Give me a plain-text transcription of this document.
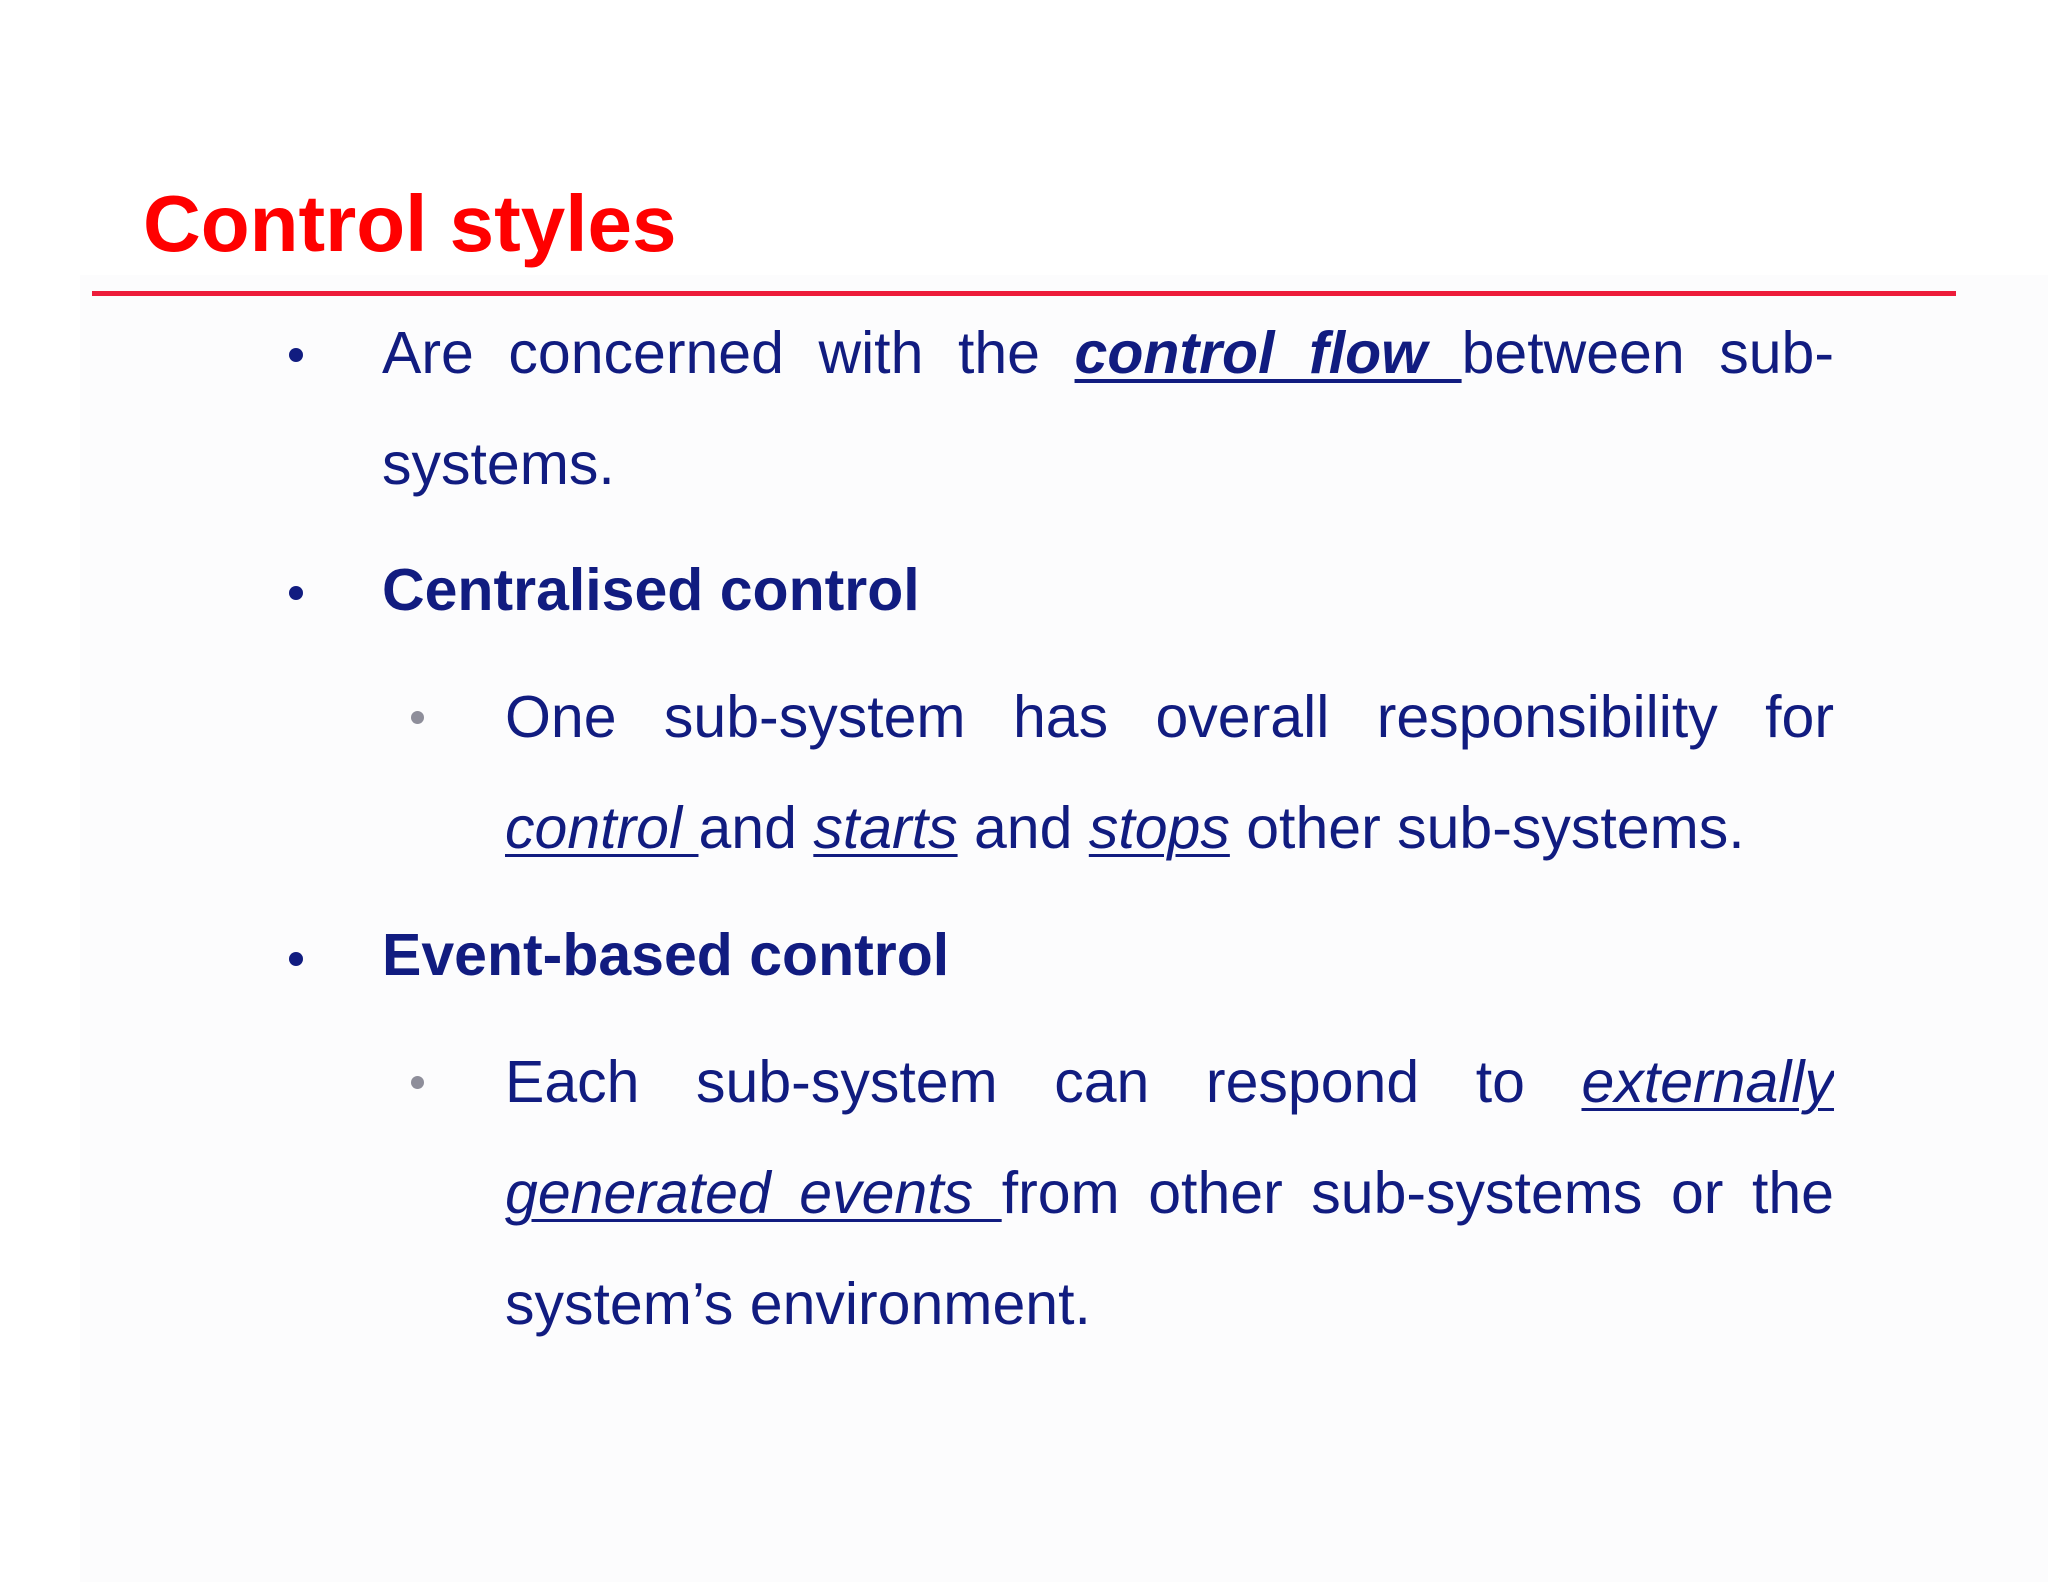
Control styles
Are concerned with the control flow between sub-
systems.
Centralised control
One sub-system has overall responsibility for
control and starts and stops other sub-systems.
Event-based control
Each sub-system can respond to externally
generated events from other sub-systems or the
system’s environment.
